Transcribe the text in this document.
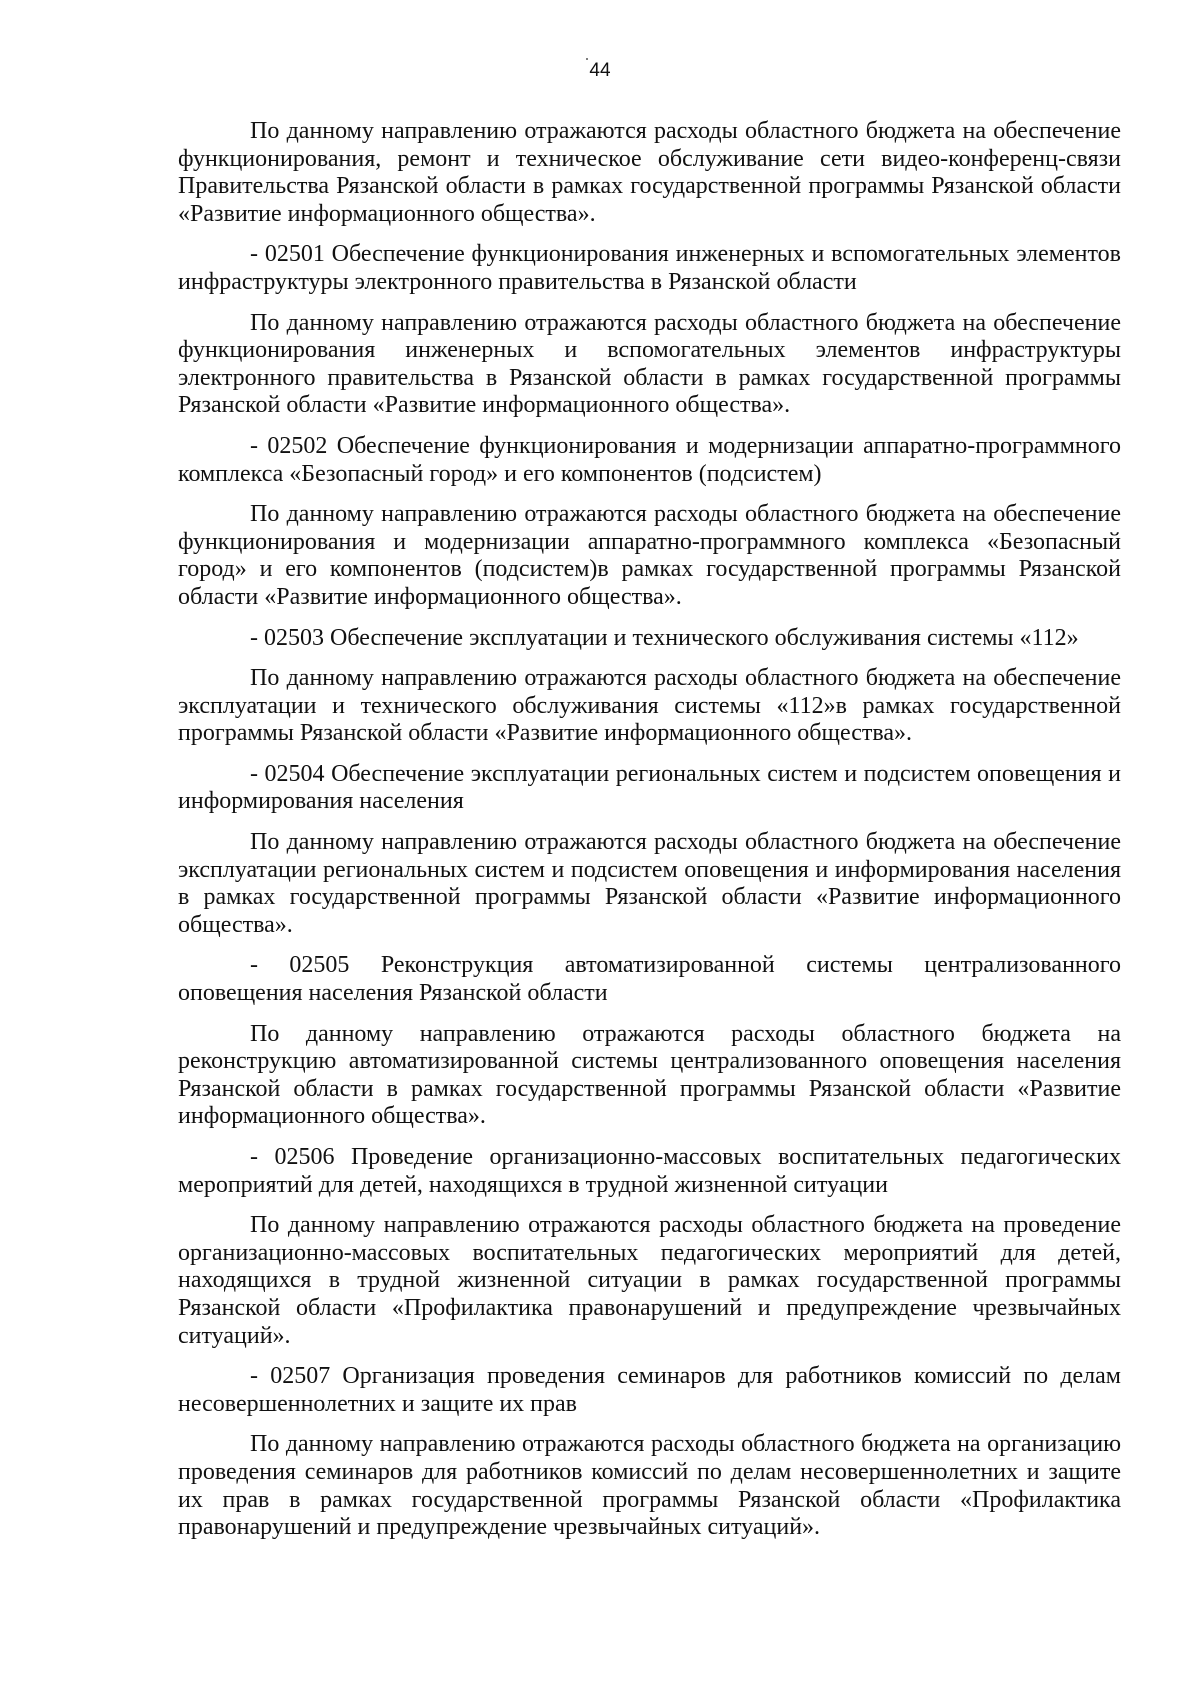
44

По данному направлению отражаются расходы областного бюджета на обеспечение функционирования, ремонт и техническое обслуживание сети видео-конференц-связи Правительства Рязанской области в рамках государственной программы Рязанской области «Развитие информационного общества».

- 02501 Обеспечение функционирования инженерных и вспомогательных элементов инфраструктуры электронного правительства в Рязанской области

По данному направлению отражаются расходы областного бюджета на обеспечение функционирования инженерных и вспомогательных элементов инфраструктуры электронного правительства в Рязанской области в рамках государственной программы Рязанской области «Развитие информационного общества».

- 02502 Обеспечение функционирования и модернизации аппаратно-программного комплекса «Безопасный город» и его компонентов (подсистем)

По данному направлению отражаются расходы областного бюджета на обеспечение функционирования и модернизации аппаратно-программного комплекса «Безопасный город» и его компонентов (подсистем)в рамках государственной программы Рязанской области «Развитие информационного общества».

- 02503 Обеспечение эксплуатации и технического обслуживания системы «112»

По данному направлению отражаются расходы областного бюджета на обеспечение эксплуатации и технического обслуживания системы «112»в рамках государственной программы Рязанской области «Развитие информационного общества».

- 02504 Обеспечение эксплуатации региональных систем и подсистем оповещения и информирования населения

По данному направлению отражаются расходы областного бюджета на обеспечение эксплуатации региональных систем и подсистем оповещения и информирования населения в рамках государственной программы Рязанской области «Развитие информационного общества».

- 02505 Реконструкция автоматизированной системы централизованного оповещения населения Рязанской области

По данному направлению отражаются расходы областного бюджета на реконструкцию автоматизированной системы централизованного оповещения населения Рязанской области в рамках государственной программы Рязанской области «Развитие информационного общества».

- 02506 Проведение организационно-массовых воспитательных педагогических мероприятий для детей, находящихся в трудной жизненной ситуации

По данному направлению отражаются расходы областного бюджета на проведение организационно-массовых воспитательных педагогических мероприятий для детей, находящихся в трудной жизненной ситуации в рамках государственной программы Рязанской области «Профилактика правонарушений и предупреждение чрезвычайных ситуаций».

- 02507 Организация проведения семинаров для работников комиссий по делам несовершеннолетних и защите их прав

По данному направлению отражаются расходы областного бюджета на организацию проведения семинаров для работников комиссий по делам несовершеннолетних и защите их прав в рамках государственной программы Рязанской области «Профилактика правонарушений и предупреждение чрезвычайных ситуаций».
